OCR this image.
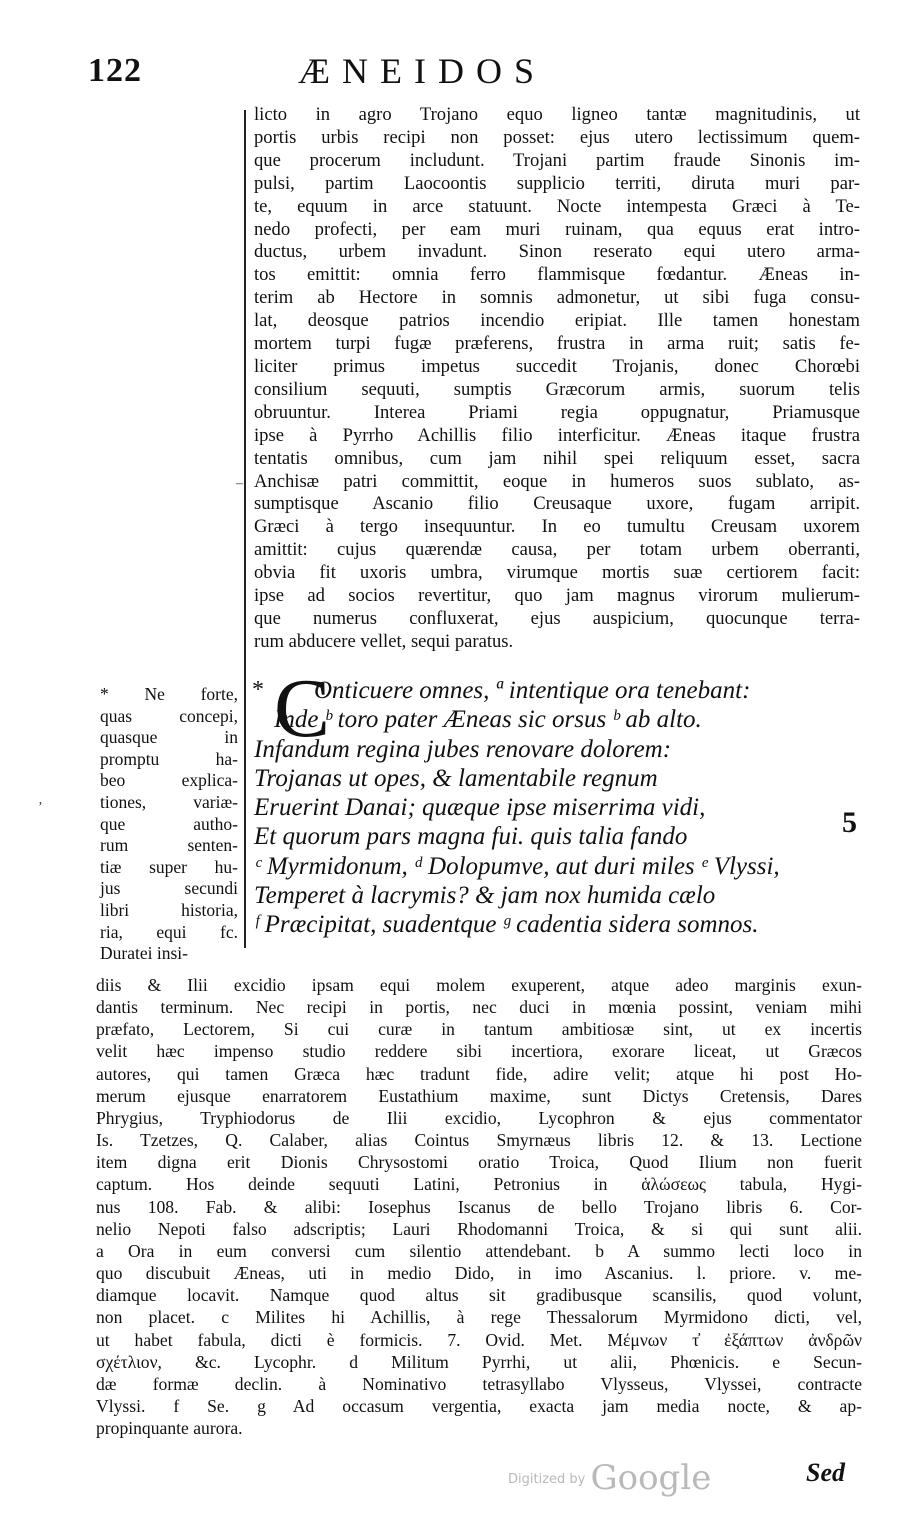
122	ÆNEIDOS
–
’
licto in agro Trojano equo ligneo tantæ magnitudinis, ut
portis urbis recipi non posset: ejus utero lectissimum quem-
que procerum includunt. Trojani partim fraude Sinonis im-
pulsi, partim Laocoontis supplicio territi, diruta muri par-
te, equum in arce statuunt. Nocte intempesta Græci à Te-
nedo profecti, per eam muri ruinam, qua equus erat intro-
ductus, urbem invadunt. Sinon reserato equi utero arma-
tos emittit: omnia ferro flammisque fœdantur. Æneas in-
terim ab Hectore in somnis admonetur, ut sibi fuga consu-
lat, deosque patrios incendio eripiat. Ille tamen honestam
mortem turpi fugæ præferens, frustra in arma ruit; satis fe-
liciter primus impetus succedit Trojanis, donec Chorœbi
consilium sequuti, sumptis Græcorum armis, suorum telis
obruuntur. Interea Priami regia oppugnatur, Priamusque
ipse à Pyrrho Achillis filio interficitur. Æneas itaque frustra
tentatis omnibus, cum jam nihil spei reliquum esset, sacra
Anchisæ patri committit, eoque in humeros suos sublato, as-
sumptisque Ascanio filio Creusaque uxore, fugam arripit.
Græci à tergo insequuntur. In eo tumultu Creusam uxorem
amittit: cujus quærendæ causa, per totam urbem oberranti,
obvia fit uxoris umbra, virumque mortis suæ certiorem facit:
ipse ad socios revertitur, quo jam magnus virorum mulierum-
que numerus confluxerat, ejus auspicium, quocunque terra-
rum abducere vellet, sequi paratus.
* Ne forte,
quas concepi,
quasque in
promptu ha-
beo explica-
tiones, variæ-
que autho-
rum senten-
tiæ super hu-
jus secundi
libri historia,
ria, equi fc.
Duratei insi-
C
*	Onticuere omnes, ª intentique ora tenebant:
Inde ᵇ toro pater Æneas sic orsus ᵇ ab alto.
Infandum regina jubes renovare dolorem:
Trojanas ut opes, & lamentabile regnum
Eruerint Danai; quæque ipse miserrima vidi,
Et quorum pars magna fui. quis talia fando
ᶜ Myrmidonum, ᵈ Dolopumve, aut duri miles ᵉ Vlyssi,
Temperet à lacrymis? & jam nox humida cælo
ᶠ Præcipitat, suadentque ᵍ cadentia sidera somnos.
5
diis & Ilii excidio ipsam equi molem exuperent, atque adeo marginis exun-
dantis terminum. Nec recipi in portis, nec duci in mœnia possint, veniam mihi
præfato, Lectorem, Si cui curæ in tantum ambitiosæ sint, ut ex incertis
velit hæc impenso studio reddere sibi incertiora, exorare liceat, ut Græcos
autores, qui tamen Græca hæc tradunt fide, adire velit; atque hi post Ho-
merum ejusque enarratorem Eustathium maxime, sunt Dictys Cretensis, Dares
Phrygius, Tryphiodorus de Ilii excidio, Lycophron & ejus commentator
Is. Tzetzes, Q. Calaber, alias Cointus Smyrnæus libris 12. & 13. Lectione
item digna erit Dionis Chrysostomi oratio Troica, Quod Ilium non fuerit
captum. Hos deinde sequuti Latini, Petronius in ἁλώσεως tabula, Hygi-
nus 108. Fab. & alibi: Iosephus Iscanus de bello Trojano libris 6. Cor-
nelio Nepoti falso adscriptis; Lauri Rhodomanni Troica, & si qui sunt alii.
a Ora in eum conversi cum silentio attendebant. b A summo lecti loco in
quo discubuit Æneas, uti in medio Dido, in imo Ascanius. l. priore. v. me-
diamque locavit. Namque quod altus sit gradibusque scansilis, quod volunt,
non placet. c Milites hi Achillis, à rege Thessalorum Myrmidono dicti, vel,
ut habet fabula, dicti è formicis. 7. Ovid. Met. Μέμνων τ̓ ἐξάπτων ἀνδρῶν
σχέτλιον, &c. Lycophr. d Militum Pyrrhi, ut alii, Phœnicis. e Secun-
dæ formæ declin. à Nominativo tetrasyllabo Vlysseus, Vlyssei, contracte
Vlyssi. f Se. g Ad occasum vergentia, exacta jam media nocte, & ap-
propinquante aurora.
$^{Digitized by}$ Google	Sed
